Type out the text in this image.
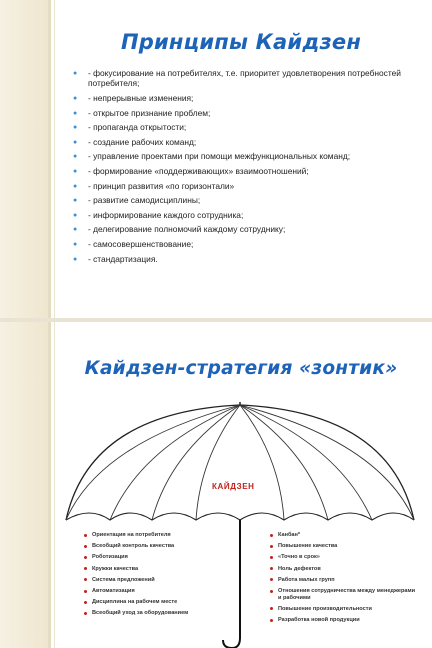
Принципы Кайдзен
● - фокусирование на потребителях, т.е. приоритет удовлетворения потребностей потребителя;
● - непрерывные изменения;
● - открытое признание проблем;
● - пропаганда открытости;
● - создание рабочих команд;
● - управление проектами при помощи межфункциональных команд;
● - формирование «поддерживающих» взаимоотношений;
● - принцип развития «по горизонтали»
● - развитие самодисциплины;
● - информирование каждого сотрудника;
● - делегирование полномочий каждому сотруднику;
● - самосовершенствование;
● - стандартизация.
Кайдзен-стратегия «зонтик»
КАЙДЗЕН
Ориентация на потребителя
Всеобщий контроль качества
Роботизация
Кружки качества
Система предложений
Автоматизация
Дисциплина на рабочем месте
Всеобщий уход за оборудованием
Канбан*
Повышение качества
«Точно в срок»
Ноль дефектов
Работа малых групп
Отношения сотрудничества между менеджерами и рабочими
Повышение производительности
Разработка новой продукции
